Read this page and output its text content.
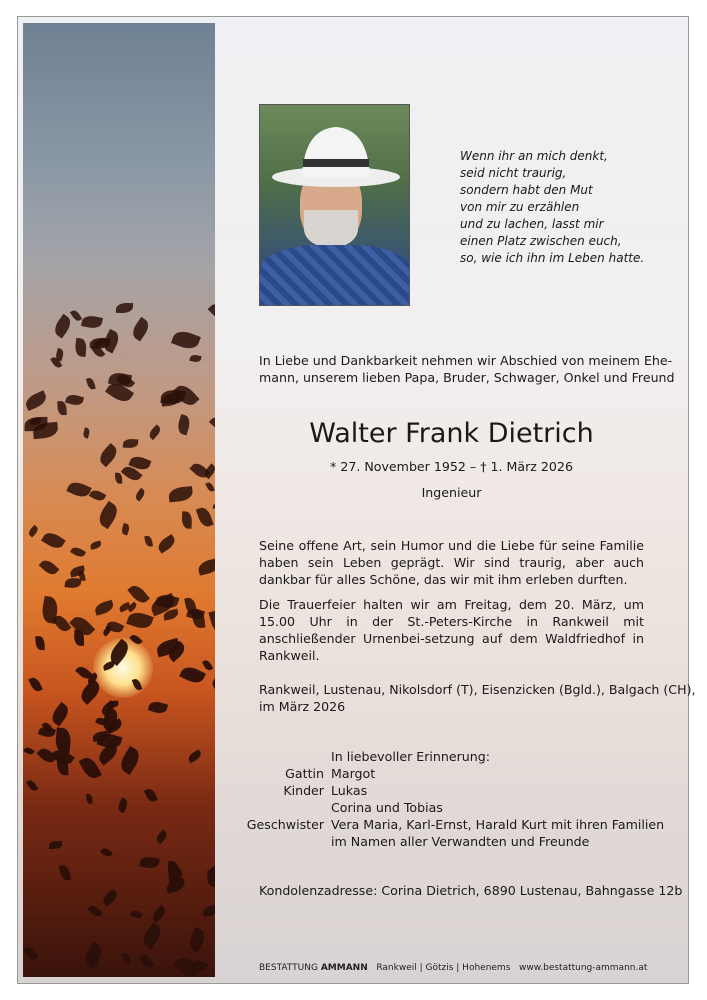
Wenn ihr an mich denkt,
seid nicht traurig,
sondern habt den Mut
von mir zu erzählen
und zu lachen, lasst mir
einen Platz zwischen euch,
so, wie ich ihn im Leben hatte.
In Liebe und Dankbarkeit nehmen wir Abschied von meinem Ehe-
mann, unserem lieben Papa, Bruder, Schwager, Onkel und Freund
Walter Frank Dietrich
* 27. November 1952 – † 1. März 2026
Ingenieur
Seine offene Art, sein Humor und die Liebe für seine Familie haben sein Leben geprägt. Wir sind traurig, aber auch dankbar für alles Schöne, das wir mit ihm erleben durften.
Die Trauerfeier halten wir am Freitag, dem 20. März, um 15.00 Uhr in der St.-Peters-Kirche in Rankweil mit anschließender Urnenbei-setzung auf dem Waldfriedhof in Rankweil.
Rankweil, Lustenau, Nikolsdorf (T), Eisenzicken (Bgld.), Balgach (CH),
im März 2026
In liebevoller Erinnerung:
Gattin Margot
Kinder Lukas
Corina und Tobias
Geschwister Vera Maria, Karl-Ernst, Harald Kurt mit ihren Familien
im Namen aller Verwandten und Freunde
Kondolenzadresse: Corina Dietrich, 6890 Lustenau, Bahngasse 12b
BESTATTUNG AMMANN Rankweil | Götzis | Hohenems www.bestattung-ammann.at
